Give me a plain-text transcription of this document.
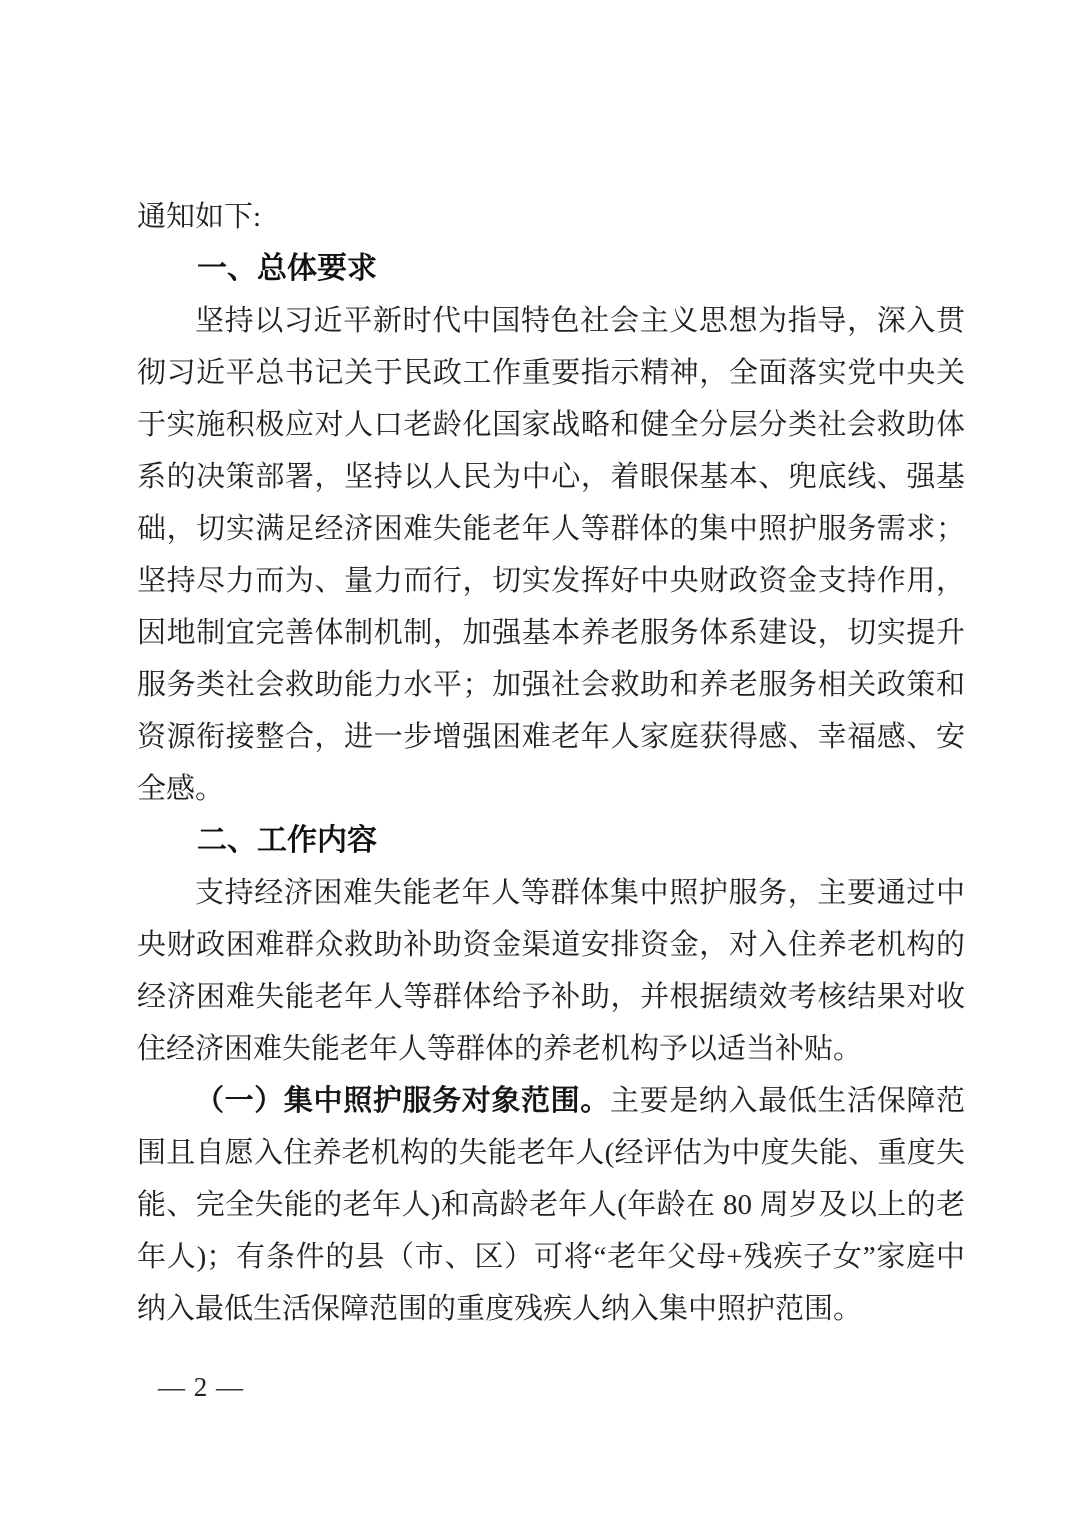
通知如下:

一、总体要求

坚持以习近平新时代中国特色社会主义思想为指导，深入贯彻习近平总书记关于民政工作重要指示精神，全面落实党中央关于实施积极应对人口老龄化国家战略和健全分层分类社会救助体系的决策部署，坚持以人民为中心，着眼保基本、兜底线、强基础，切实满足经济困难失能老年人等群体的集中照护服务需求；坚持尽力而为、量力而行，切实发挥好中央财政资金支持作用，因地制宜完善体制机制，加强基本养老服务体系建设，切实提升服务类社会救助能力水平；加强社会救助和养老服务相关政策和资源衔接整合，进一步增强困难老年人家庭获得感、幸福感、安全感。

二、工作内容

支持经济困难失能老年人等群体集中照护服务，主要通过中央财政困难群众救助补助资金渠道安排资金，对入住养老机构的经济困难失能老年人等群体给予补助，并根据绩效考核结果对收住经济困难失能老年人等群体的养老机构予以适当补贴。

（一）集中照护服务对象范围。主要是纳入最低生活保障范围且自愿入住养老机构的失能老年人(经评估为中度失能、重度失能、完全失能的老年人)和高龄老年人(年龄在 80 周岁及以上的老年人)；有条件的县（市、区）可将“老年父母+残疾子女”家庭中纳入最低生活保障范围的重度残疾人纳入集中照护范围。

— 2 —
